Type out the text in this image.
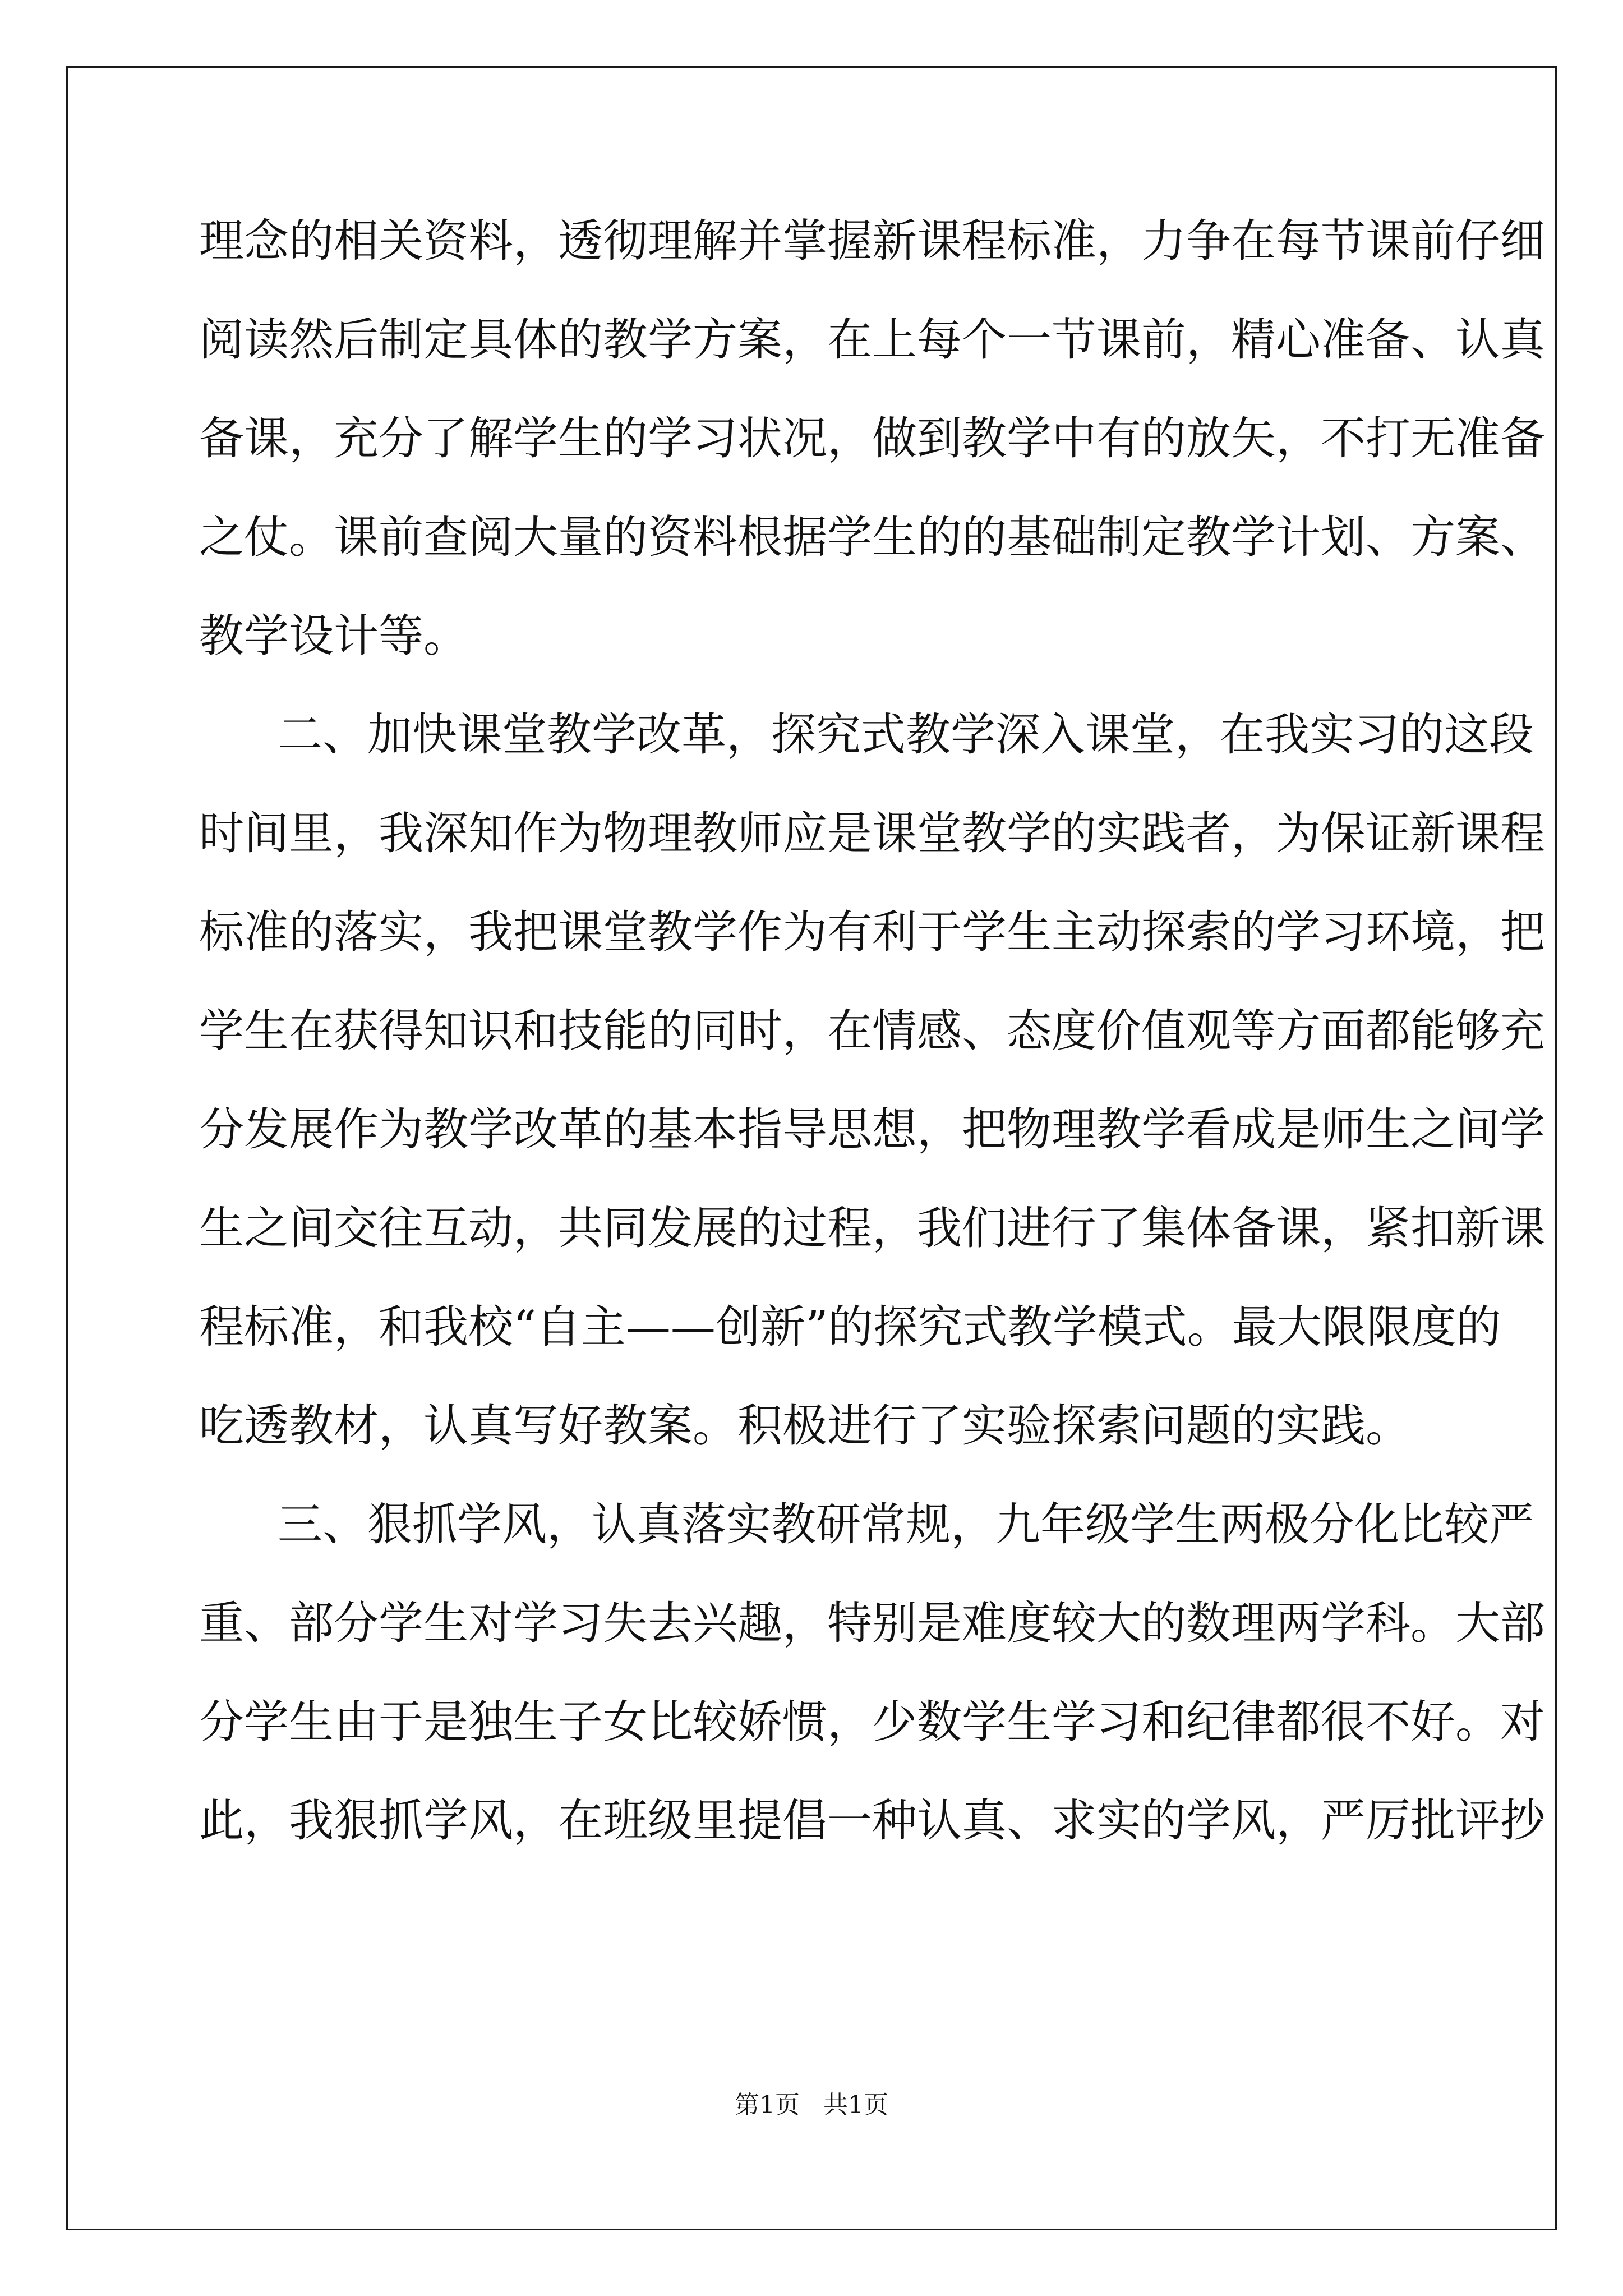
理念的相关资料，透彻理解并掌握新课程标准，力争在每节课前仔细
阅读然后制定具体的教学方案，在上每个一节课前，精心准备、认真
备课，充分了解学生的学习状况，做到教学中有的放矢，不打无准备
之仗。课前查阅大量的资料根据学生的的基础制定教学计划、方案、
教学设计等。
二、加快课堂教学改革，探究式教学深入课堂，在我实习的这段
时间里，我深知作为物理教师应是课堂教学的实践者，为保证新课程
标准的落实，我把课堂教学作为有利于学生主动探索的学习环境，把
学生在获得知识和技能的同时，在情感、态度价值观等方面都能够充
分发展作为教学改革的基本指导思想，把物理教学看成是师生之间学
生之间交往互动，共同发展的过程，我们进行了集体备课，紧扣新课
程标准，和我校“自主——创新”的探究式教学模式。最大限限度的
吃透教材，认真写好教案。积极进行了实验探索问题的实践。
三、狠抓学风，认真落实教研常规，九年级学生两极分化比较严
重、部分学生对学习失去兴趣，特别是难度较大的数理两学科。大部
分学生由于是独生子女比较娇惯，少数学生学习和纪律都很不好。对
此，我狠抓学风，在班级里提倡一种认真、求实的学风，严厉批评抄
第1页   共1页
